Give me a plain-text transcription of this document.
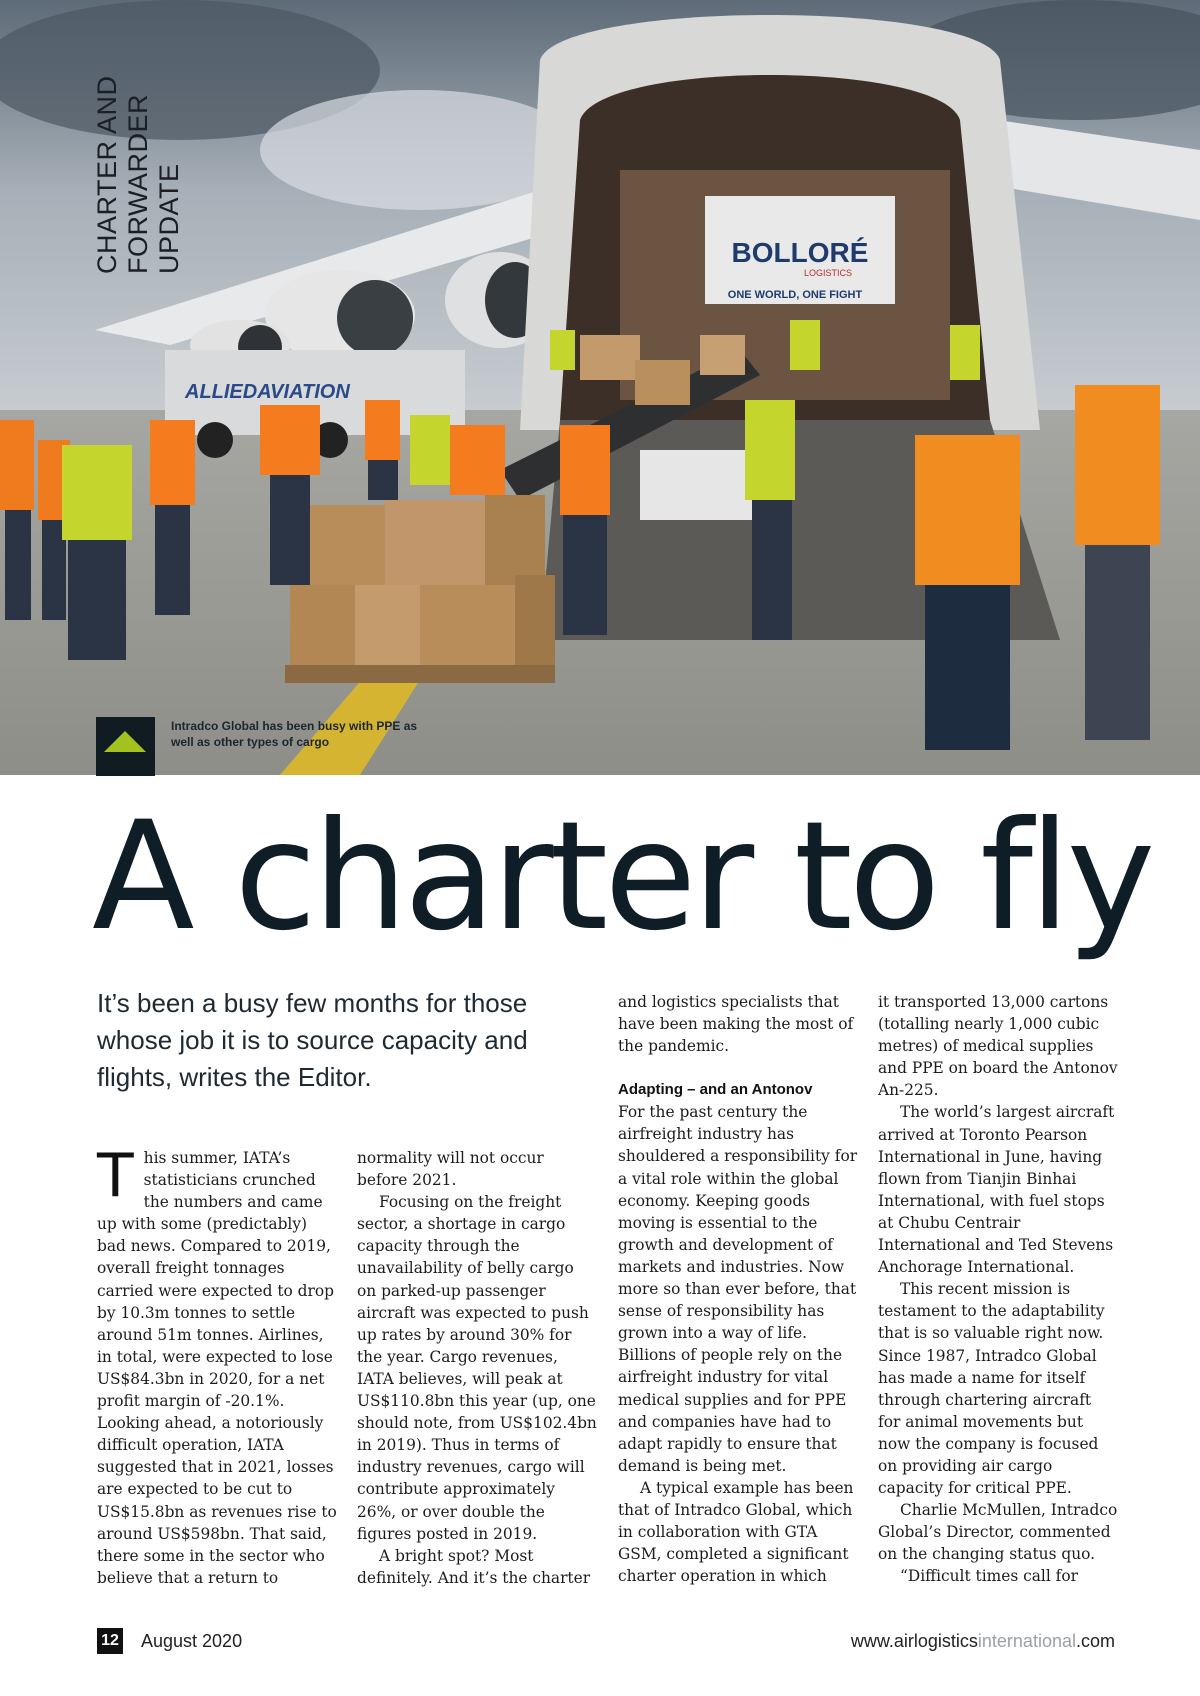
BOLLORÉ
LOGISTICS
ONE WORLD, ONE FIGHT
ALLIEDAVIATION
CHARTER AND FORWARDER UPDATE
Intradco Global has been busy with PPE as well as other types of cargo
A charter to fly

It’s been a busy few months for those whose job it is to source capacity and flights, writes the Editor.

This summer, IATA’s statisticians crunched the numbers and came up with some (predictably) bad news. Compared to 2019, overall freight tonnages carried were expected to drop by 10.3m tonnes to settle around 51m tonnes. Airlines, in total, were expected to lose US$84.3bn in 2020, for a net profit margin of -20.1%. Looking ahead, a notoriously difficult operation, IATA suggested that in 2021, losses are expected to be cut to US$15.8bn as revenues rise to around US$598bn. That said, there some in the sector who believe that a return to

normality will not occur before 2021.

Focusing on the freight sector, a shortage in cargo capacity through the unavailability of belly cargo on parked-up passenger aircraft was expected to push up rates by around 30% for the year. Cargo revenues, IATA believes, will peak at US$110.8bn this year (up, one should note, from US$102.4bn in 2019). Thus in terms of industry revenues, cargo will contribute approximately 26%, or over double the figures posted in 2019.

A bright spot? Most definitely. And it’s the charter

and logistics specialists that have been making the most of the pandemic.

Adapting – and an Antonov

For the past century the airfreight industry has shouldered a responsibility for a vital role within the global economy. Keeping goods moving is essential to the growth and development of markets and industries. Now more so than ever before, that sense of responsibility has grown into a way of life. Billions of people rely on the airfreight industry for vital medical supplies and for PPE and companies have had to adapt rapidly to ensure that demand is being met.

A typical example has been that of Intradco Global, which in collaboration with GTA GSM, completed a significant charter operation in which

it transported 13,000 cartons (totalling nearly 1,000 cubic metres) of medical supplies and PPE on board the Antonov An-225.

The world’s largest aircraft arrived at Toronto Pearson International in June, having flown from Tianjin Binhai International, with fuel stops at Chubu Centrair International and Ted Stevens Anchorage International.

This recent mission is testament to the adaptability that is so valuable right now. Since 1987, Intradco Global has made a name for itself through chartering aircraft for animal movements but now the company is focused on providing air cargo capacity for critical PPE.

Charlie McMullen, Intradco Global’s Director, commented on the changing status quo.

“Difficult times call for

12 August 2020	www.airlogisticsinternational.com
